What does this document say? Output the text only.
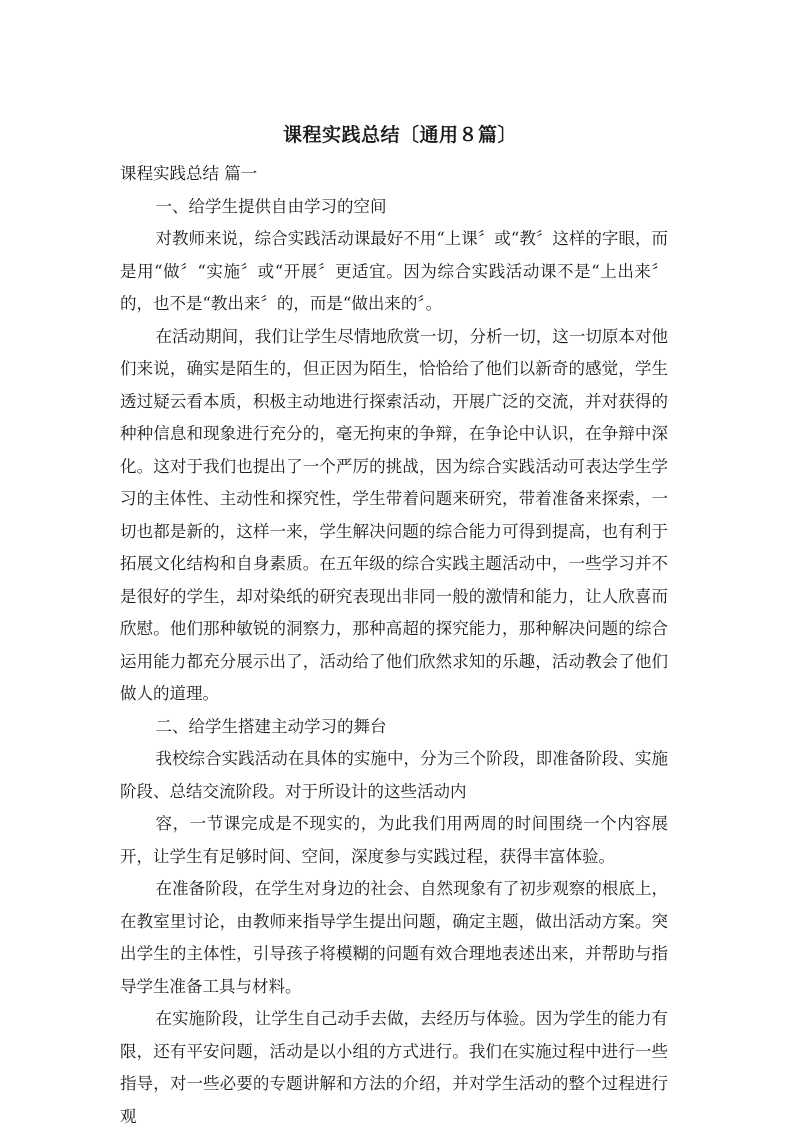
课程实践总结〔通用８篇〕

课程实践总结 篇一

一、给学生提供自由学习的空间

对教师来说，综合实践活动课最好不用“上课〞或“教〞这样的字眼，而是用“做〞“实施〞或“开展〞更适宜。因为综合实践活动课不是“上出来〞的，也不是“教出来〞的，而是“做出来的〞。

在活动期间，我们让学生尽情地欣赏一切，分析一切，这一切原本对他们来说，确实是陌生的，但正因为陌生，恰恰给了他们以新奇的感觉，学生透过疑云看本质，积极主动地进行探索活动，开展广泛的交流，并对获得的种种信息和现象进行充分的，毫无拘束的争辩，在争论中认识，在争辩中深化。这对于我们也提出了一个严厉的挑战，因为综合实践活动可表达学生学习的主体性、主动性和探究性，学生带着问题来研究，带着准备来探索，一切也都是新的，这样一来，学生解决问题的综合能力可得到提高，也有利于拓展文化结构和自身素质。在五年级的综合实践主题活动中，一些学习并不是很好的学生，却对染纸的研究表现出非同一般的激情和能力，让人欣喜而欣慰。他们那种敏锐的洞察力，那种高超的探究能力，那种解决问题的综合运用能力都充分展示出了，活动给了他们欣然求知的乐趣，活动教会了他们做人的道理。

二、给学生搭建主动学习的舞台

我校综合实践活动在具体的实施中，分为三个阶段，即准备阶段、实施阶段、总结交流阶段。对于所设计的这些活动内

容，一节课完成是不现实的，为此我们用两周的时间围绕一个内容展开，让学生有足够时间、空间，深度参与实践过程，获得丰富体验。

在准备阶段，在学生对身边的社会、自然现象有了初步观察的根底上，在教室里讨论，由教师来指导学生提出问题，确定主题，做出活动方案。突出学生的主体性，引导孩子将模糊的问题有效合理地表述出来，并帮助与指导学生准备工具与材料。

在实施阶段，让学生自己动手去做，去经历与体验。因为学生的能力有限，还有平安问题，活动是以小组的方式进行。我们在实施过程中进行一些指导，对一些必要的专题讲解和方法的介绍，并对学生活动的整个过程进行观
